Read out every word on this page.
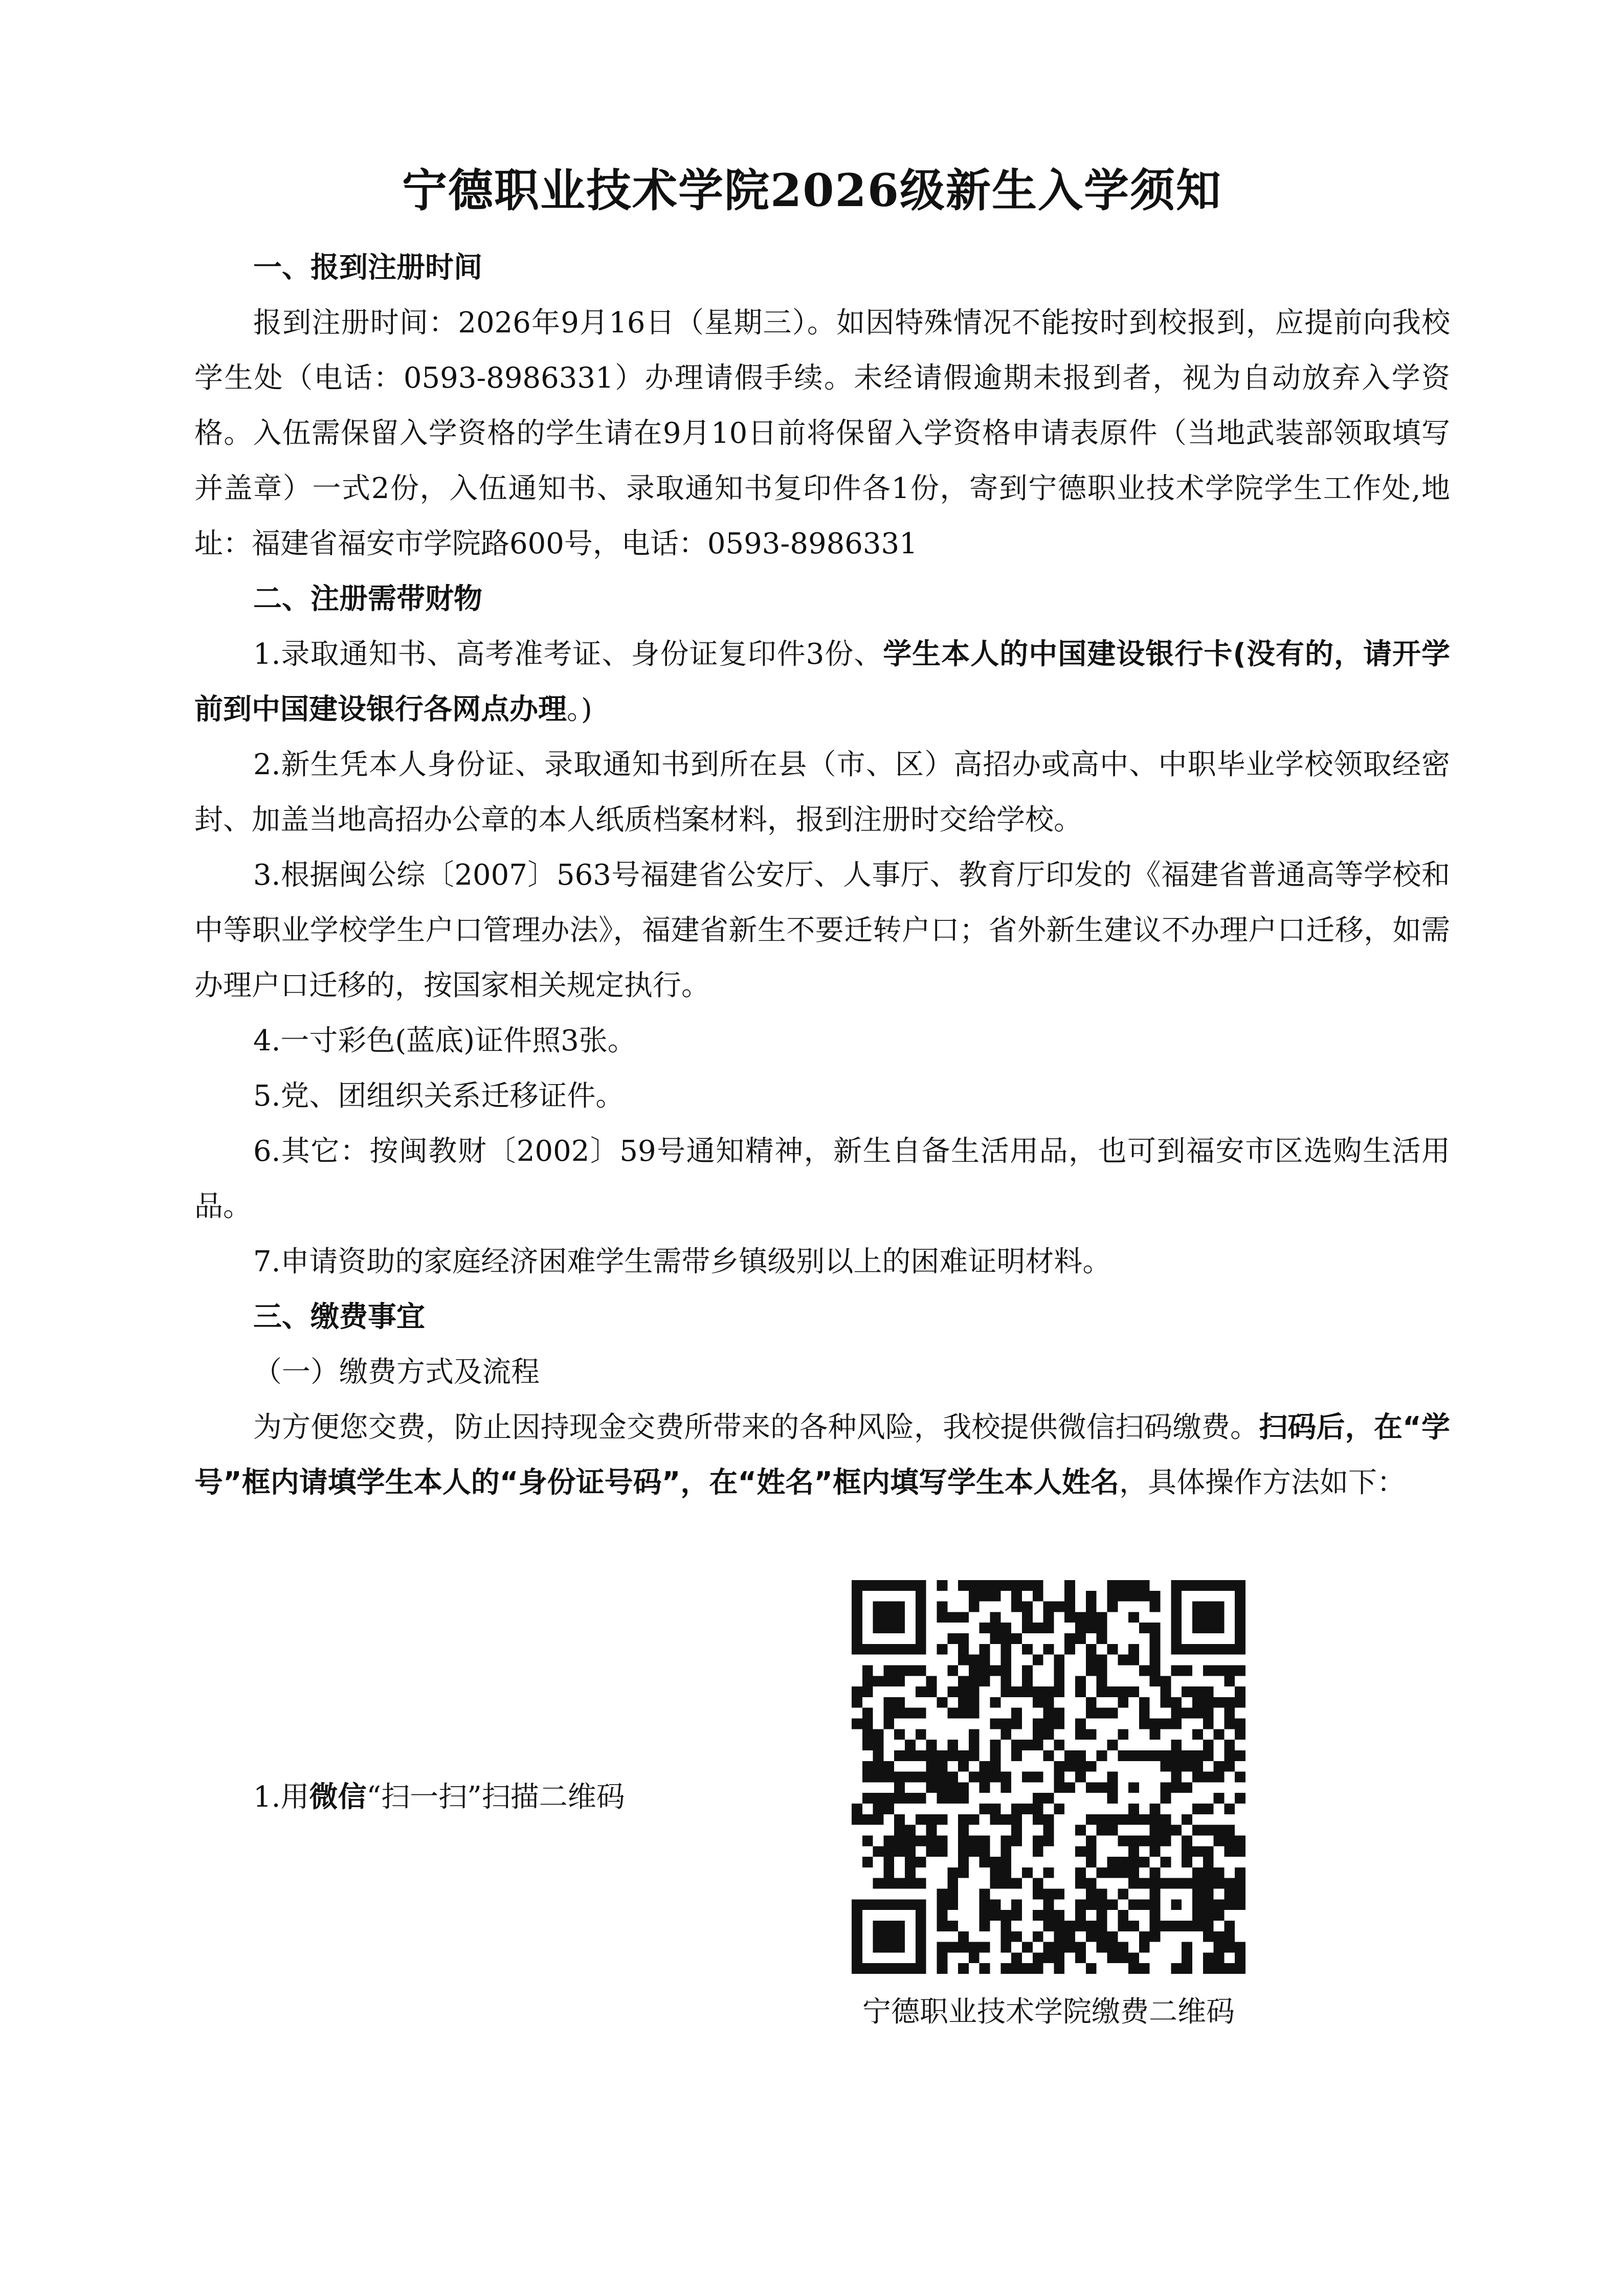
宁德职业技术学院2026级新生入学须知

一、报到注册时间

报到注册时间：2026年9月16日（星期三）。如因特殊情况不能按时到校报到，应提前向我校学生处（电话：0593-8986331）办理请假手续。未经请假逾期未报到者，视为自动放弃入学资格。入伍需保留入学资格的学生请在9月10日前将保留入学资格申请表原件（当地武装部领取填写并盖章）一式2份，入伍通知书、录取通知书复印件各1份，寄到宁德职业技术学院学生工作处,地址：福建省福安市学院路600号，电话：0593-8986331

二、注册需带财物

1.录取通知书、高考准考证、身份证复印件3份、学生本人的中国建设银行卡(没有的，请开学前到中国建设银行各网点办理。)

2.新生凭本人身份证、录取通知书到所在县（市、区）高招办或高中、中职毕业学校领取经密封、加盖当地高招办公章的本人纸质档案材料，报到注册时交给学校。

3.根据闽公综〔2007〕563号福建省公安厅、人事厅、教育厅印发的《福建省普通高等学校和中等职业学校学生户口管理办法》，福建省新生不要迁转户口；省外新生建议不办理户口迁移，如需办理户口迁移的，按国家相关规定执行。

4.一寸彩色(蓝底)证件照3张。

5.党、团组织关系迁移证件。

6.其它：按闽教财〔2002〕59号通知精神，新生自备生活用品，也可到福安市区选购生活用品。

7.申请资助的家庭经济困难学生需带乡镇级别以上的困难证明材料。

三、缴费事宜

（一）缴费方式及流程

为方便您交费，防止因持现金交费所带来的各种风险，我校提供微信扫码缴费。扫码后，在“学号”框内请填学生本人的“身份证号码”，在“姓名”框内填写学生本人姓名，具体操作方法如下：

1.用微信“扫一扫”扫描二维码
宁德职业技术学院缴费二维码
